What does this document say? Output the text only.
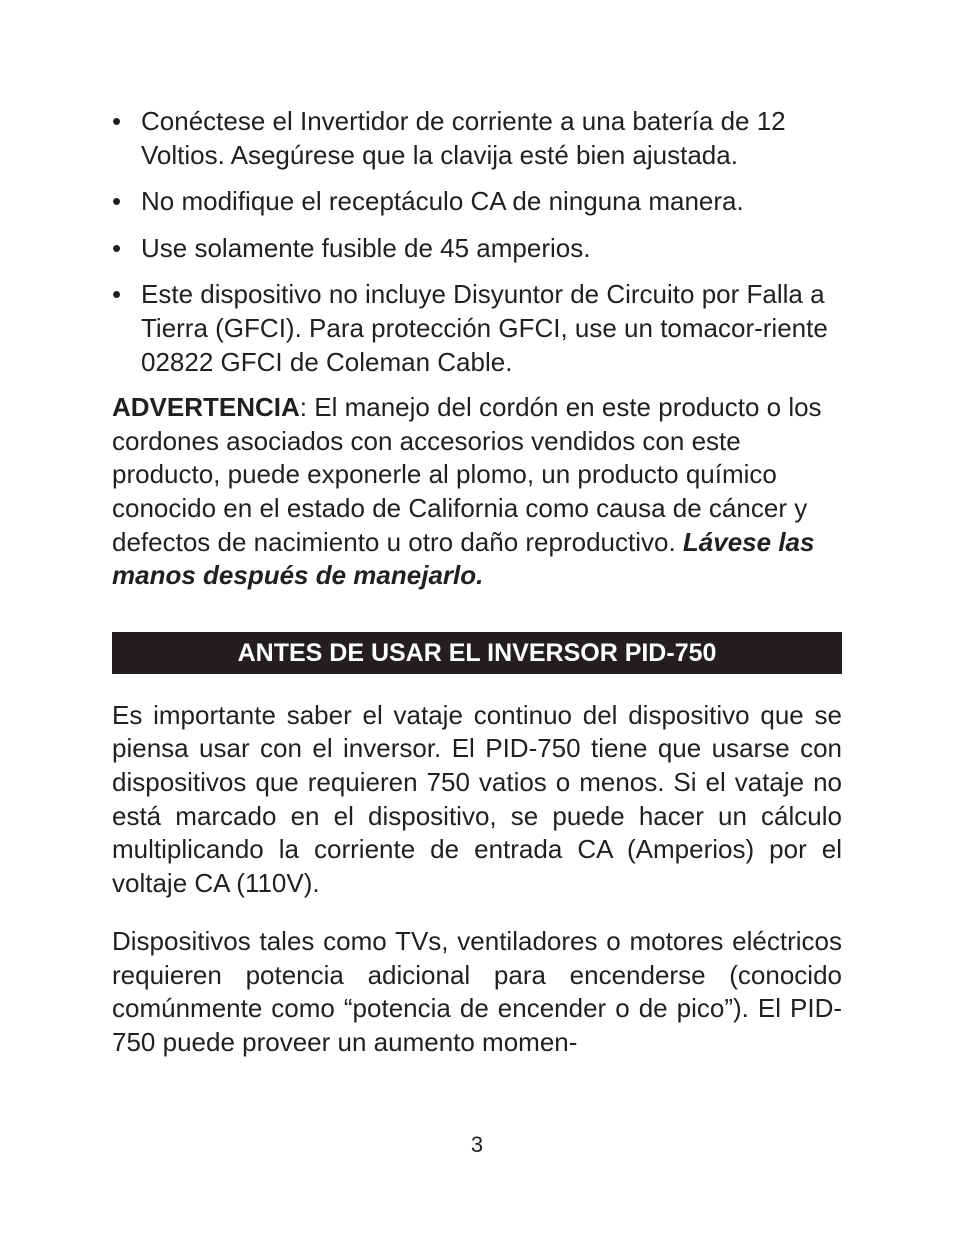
• Conéctese el Invertidor de corriente a una batería de 12 Voltios. Asegúrese que la clavija esté bien ajustada.
• No modifique el receptáculo CA de ninguna manera.
• Use solamente fusible de 45 amperios.
• Este dispositivo no incluye Disyuntor de Circuito por Falla a Tierra (GFCI). Para protección GFCI, use un tomacor-riente 02822 GFCI de Coleman Cable.

ADVERTENCIA: El manejo del cordón en este producto o los cordones asociados con accesorios vendidos con este producto, puede exponerle al plomo, un producto químico conocido en el estado de California como causa de cáncer y defectos de nacimiento u otro daño reproductivo. Lávese las manos después de manejarlo.

ANTES DE USAR EL INVERSOR PID-750

Es importante saber el vataje continuo del dispositivo que se piensa usar con el inversor. El PID-750 tiene que usarse con dispositivos que requieren 750 vatios o menos. Si el vataje no está marcado en el dispositivo, se puede hacer un cálculo multiplicando la corriente de entrada CA (Amperios) por el voltaje CA (110V).

Dispositivos tales como TVs, ventiladores o motores eléctricos requieren potencia adicional para encenderse (conocido comúnmente como “potencia de encender o de pico”). El PID-750 puede proveer un aumento momen-

3
